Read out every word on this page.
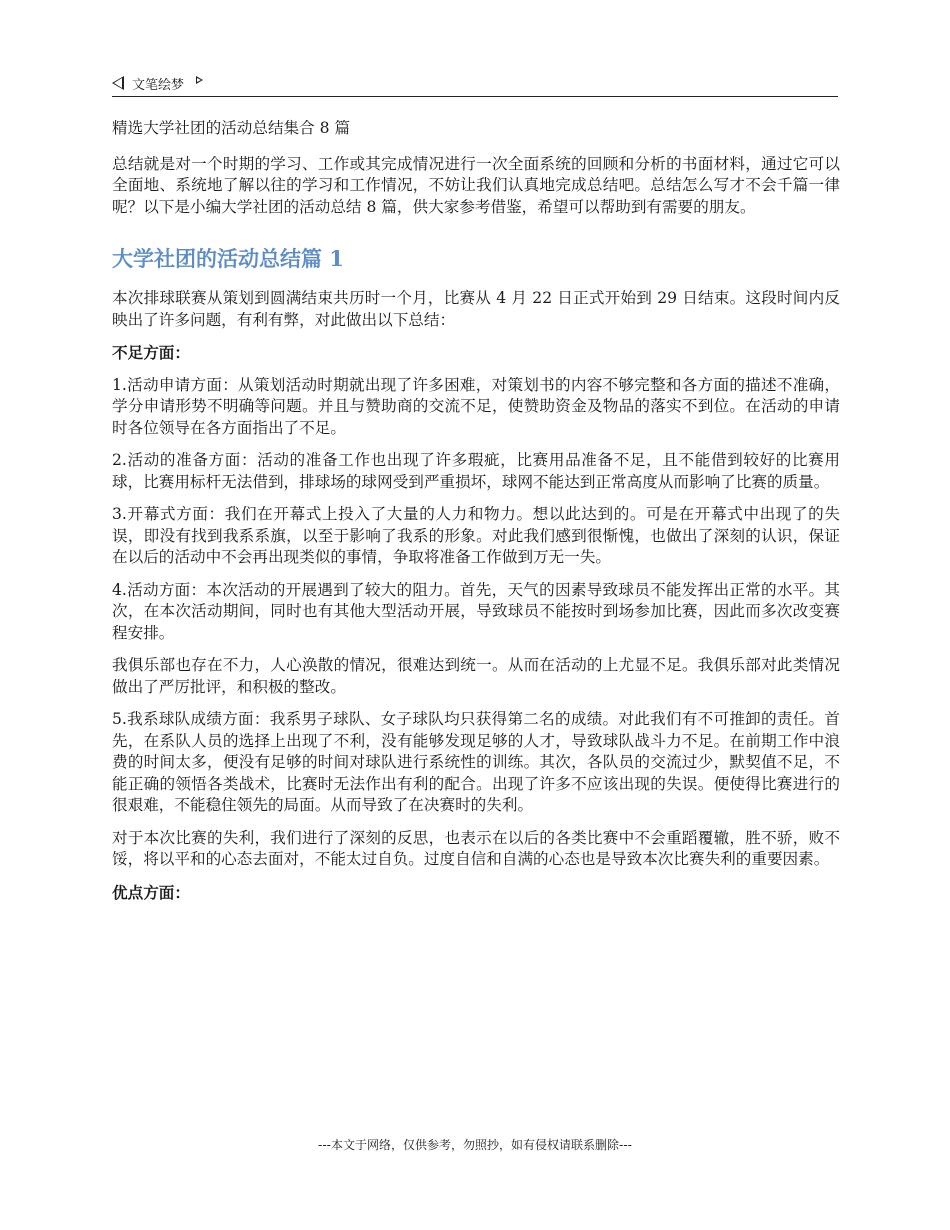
文笔绘梦

精选大学社团的活动总结集合 8 篇

总结就是对一个时期的学习、工作或其完成情况进行一次全面系统的回顾和分析的书面材料，通过它可以全面地、系统地了解以往的学习和工作情况，不妨让我们认真地完成总结吧。总结怎么写才不会千篇一律呢？以下是小编大学社团的活动总结 8 篇，供大家参考借鉴，希望可以帮助到有需要的朋友。

大学社团的活动总结篇 1

本次排球联赛从策划到圆满结束共历时一个月，比赛从 4 月 22 日正式开始到 29 日结束。这段时间内反映出了许多问题，有利有弊，对此做出以下总结：

不足方面：

1.活动申请方面：从策划活动时期就出现了许多困难，对策划书的内容不够完整和各方面的描述不准确，学分申请形势不明确等问题。并且与赞助商的交流不足，使赞助资金及物品的落实不到位。在活动的申请时各位领导在各方面指出了不足。

2.活动的准备方面：活动的准备工作也出现了许多瑕疵，比赛用品准备不足，且不能借到较好的比赛用球，比赛用标杆无法借到，排球场的球网受到严重损坏，球网不能达到正常高度从而影响了比赛的质量。

3.开幕式方面：我们在开幕式上投入了大量的人力和物力。想以此达到的。可是在开幕式中出现了的失误，即没有找到我系系旗，以至于影响了我系的形象。对此我们感到很惭愧，也做出了深刻的认识，保证在以后的活动中不会再出现类似的事情，争取将准备工作做到万无一失。

4.活动方面：本次活动的开展遇到了较大的阻力。首先，天气的因素导致球员不能发挥出正常的水平。其次，在本次活动期间，同时也有其他大型活动开展，导致球员不能按时到场参加比赛，因此而多次改变赛程安排。

我俱乐部也存在不力，人心涣散的情况，很难达到统一。从而在活动的上尤显不足。我俱乐部对此类情况做出了严厉批评，和积极的整改。

5.我系球队成绩方面：我系男子球队、女子球队均只获得第二名的成绩。对此我们有不可推卸的责任。首先，在系队人员的选择上出现了不利，没有能够发现足够的人才，导致球队战斗力不足。在前期工作中浪费的时间太多，便没有足够的时间对球队进行系统性的训练。其次，各队员的交流过少，默契值不足，不能正确的领悟各类战术，比赛时无法作出有利的配合。出现了许多不应该出现的失误。便使得比赛进行的很艰难，不能稳住领先的局面。从而导致了在决赛时的失利。

对于本次比赛的失利，我们进行了深刻的反思，也表示在以后的各类比赛中不会重蹈覆辙，胜不骄，败不馁，将以平和的心态去面对，不能太过自负。过度自信和自满的心态也是导致本次比赛失利的重要因素。

优点方面：

---本文于网络，仅供参考，勿照抄，如有侵权请联系删除---
